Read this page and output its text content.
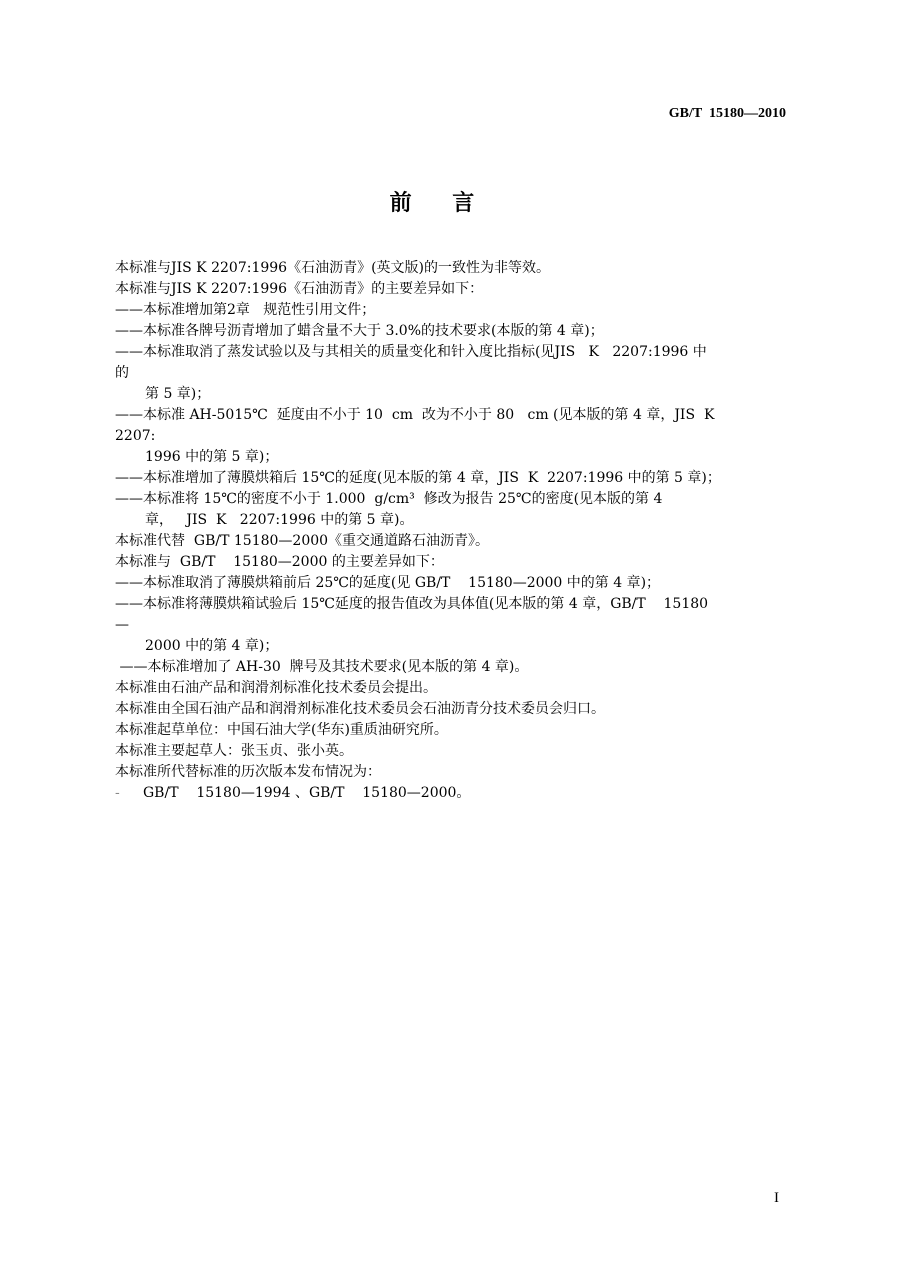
GB/T  15180—2010
前    言
本标准与JIS K 2207:1996《石油沥青》(英文版)的一致性为非等效。
本标准与JIS K 2207:1996《石油沥青》的主要差异如下：
——本标准增加第2章   规范性引用文件；
——本标准各牌号沥青增加了蜡含量不大于 3.0%的技术要求(本版的第 4 章)；
——本标准取消了蒸发试验以及与其相关的质量变化和针入度比指标(见JIS   K   2207:1996 中
的
第 5 章)；
——本标准 AH-5015℃  延度由不小于 10  cm  改为不小于 80   cm (见本版的第 4 章，JIS  K
2207:
1996 中的第 5 章)；
——本标准增加了薄膜烘箱后 15℃的延度(见本版的第 4 章，JIS  K  2207:1996 中的第 5 章)；
——本标准将 15℃的密度不小于 1.000  g/cm³  修改为报告 25℃的密度(见本版的第 4
章，   JIS  K   2207:1996 中的第 5 章)。
本标准代替  GB/T 15180—2000《重交通道路石油沥青》。
本标准与  GB/T    15180—2000 的主要差异如下：
——本标准取消了薄膜烘箱前后 25℃的延度(见 GB/T    15180—2000 中的第 4 章)；
——本标准将薄膜烘箱试验后 15℃延度的报告值改为具体值(见本版的第 4 章，GB/T    15180
—
2000 中的第 4 章)；
——本标准增加了 AH-30  牌号及其技术要求(见本版的第 4 章)。
本标准由石油产品和润滑剂标准化技术委员会提出。
本标准由全国石油产品和润滑剂标准化技术委员会石油沥青分技术委员会归口。
本标准起草单位：中国石油大学(华东)重质油研究所。
本标准主要起草人：张玉贞、张小英。
本标准所代替标准的历次版本发布情况为：
- GB/T    15180—1994 、GB/T    15180—2000。
I
